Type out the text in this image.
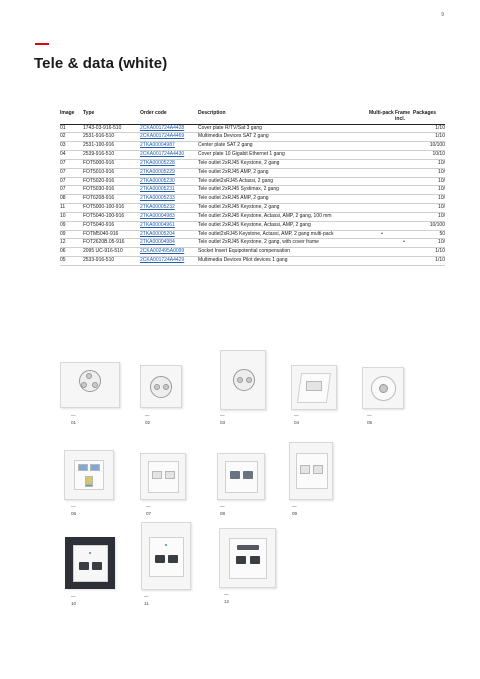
9
Tele & data (white)
Image	Type	Order code	Description	Multi-pack	Frame incl.	Packages
01	1743-03-916-510	2CKA001724A4428	Cover plate R/TV/Sat 3 gang			1/10
02	2531-916-510	2CKA001724A4469	Multimedia Devices SAT 2 gang			1/10
03	2531-100-916	2TKA00004987	Center plate SAT 2 gang			10/100
04	2539-916-510	2CKA001724A4430	Cover plate 10 Gigabit Ethernet 1 gang			10/10
07	FOT5000-916	2TKA00005228	Tele outlet 2xRJ45 Keystone, 2 gang			10/
07	FOT5010-916	2TKA00005229	Tele outlet 2xRJ45 AMP, 2 gang			10/
07	FOT5020-916	2TKA00005230	Tele outlet2xRJ45 Actassi, 2 gang			10/
07	FOT5030-916	2TKA00005231	Tele outlet 2xRJ45 Systimax, 2 gang			10/
08	FOT6208-916	2TKA00005233	Tele outlet 2xRJ45 AMP, 2 gang			10/
11	FOT5000-100-916	2TKA00005232	Tele outlet 2xRJ45 Keystone, 2 gang			10/
10	FOT5040-100-916	2TKA00004983	Tele outlet 2xRJ45 Keystone, Actassi, AMP, 2 gang, 100 mm			10/
09	FOT5040-916	2TKA00004961	Tele outlet 2xRJ45 Keystone, Actassi, AMP, 2 gang			10/100
09	FOTM5040-916	2TKA00005204	Tele outlet2xRJ45 Keystone, Actassi, AMP, 2 gang multi-pack	•		50
12	FOT2620B.05-916	2TKA00004984	Tele outlet 2xRJ45 Keystone, 2 gang, with cover frame		•	10/
06	2095 UC-916-510	2CKA002495A0099	Socket Insert Equipotential compensation			1/10
05	2533-916-510	2CKA001724A4429	Multimedia Devices Pilot devices 1 gang			1/10
—
01
—
02
—
03
—
04
—
05
—
06
—
07
—
08
—
09
—
10
—
11
—
12
